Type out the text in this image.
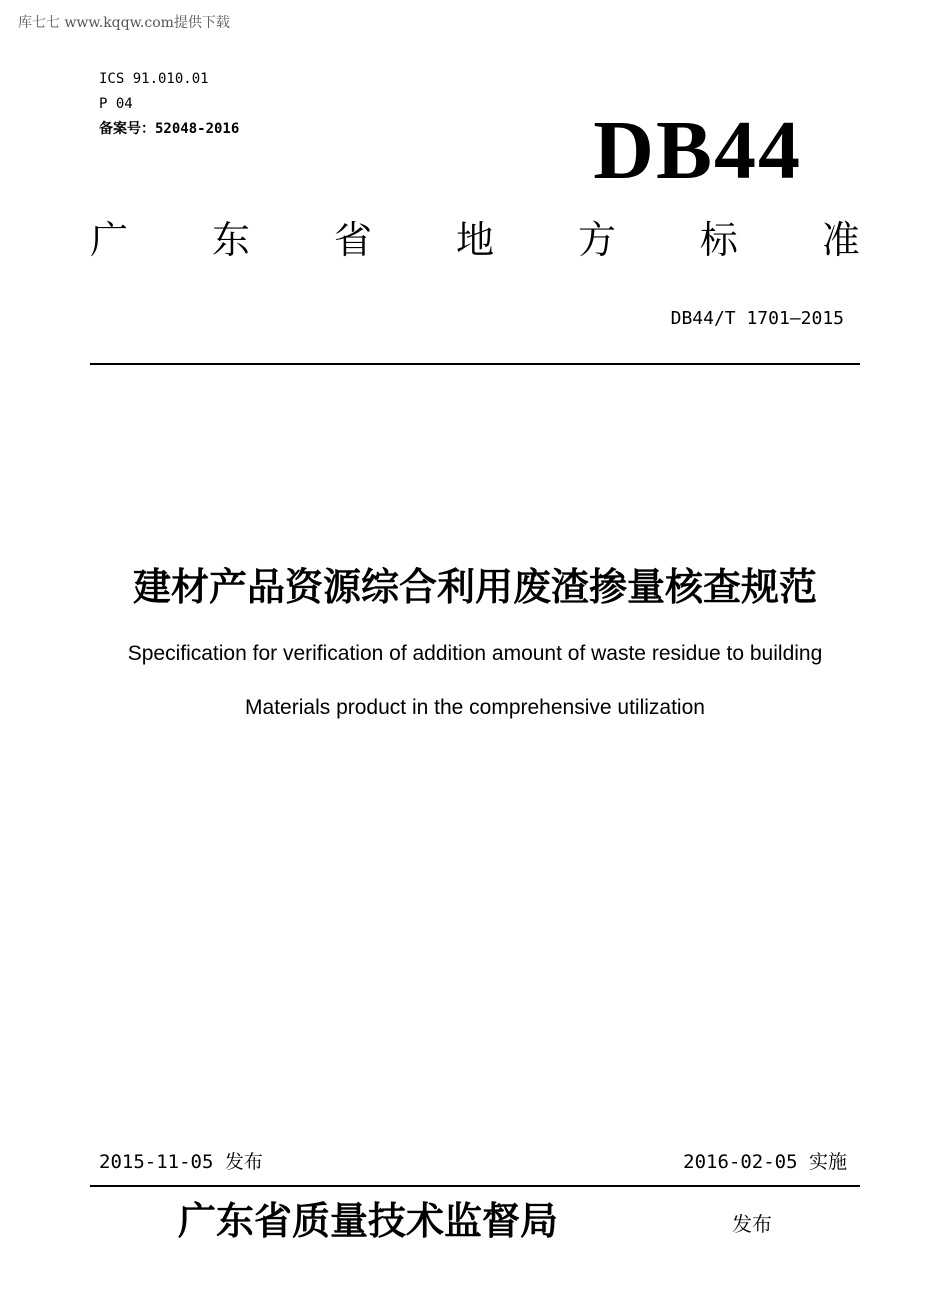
库七七 www.kqqw.com提供下载
ICS 91.010.01
P 04
备案号：52048-2016	DB44
广 东 省 地 方 标 准
DB44/T 1701—2015
建材产品资源综合利用废渣掺量核查规范
Specification for verification of addition amount of waste residue to building
Materials product in the comprehensive utilization
2015-11-05 发布	2016-02-05 实施
广东省质量技术监督局	发布
